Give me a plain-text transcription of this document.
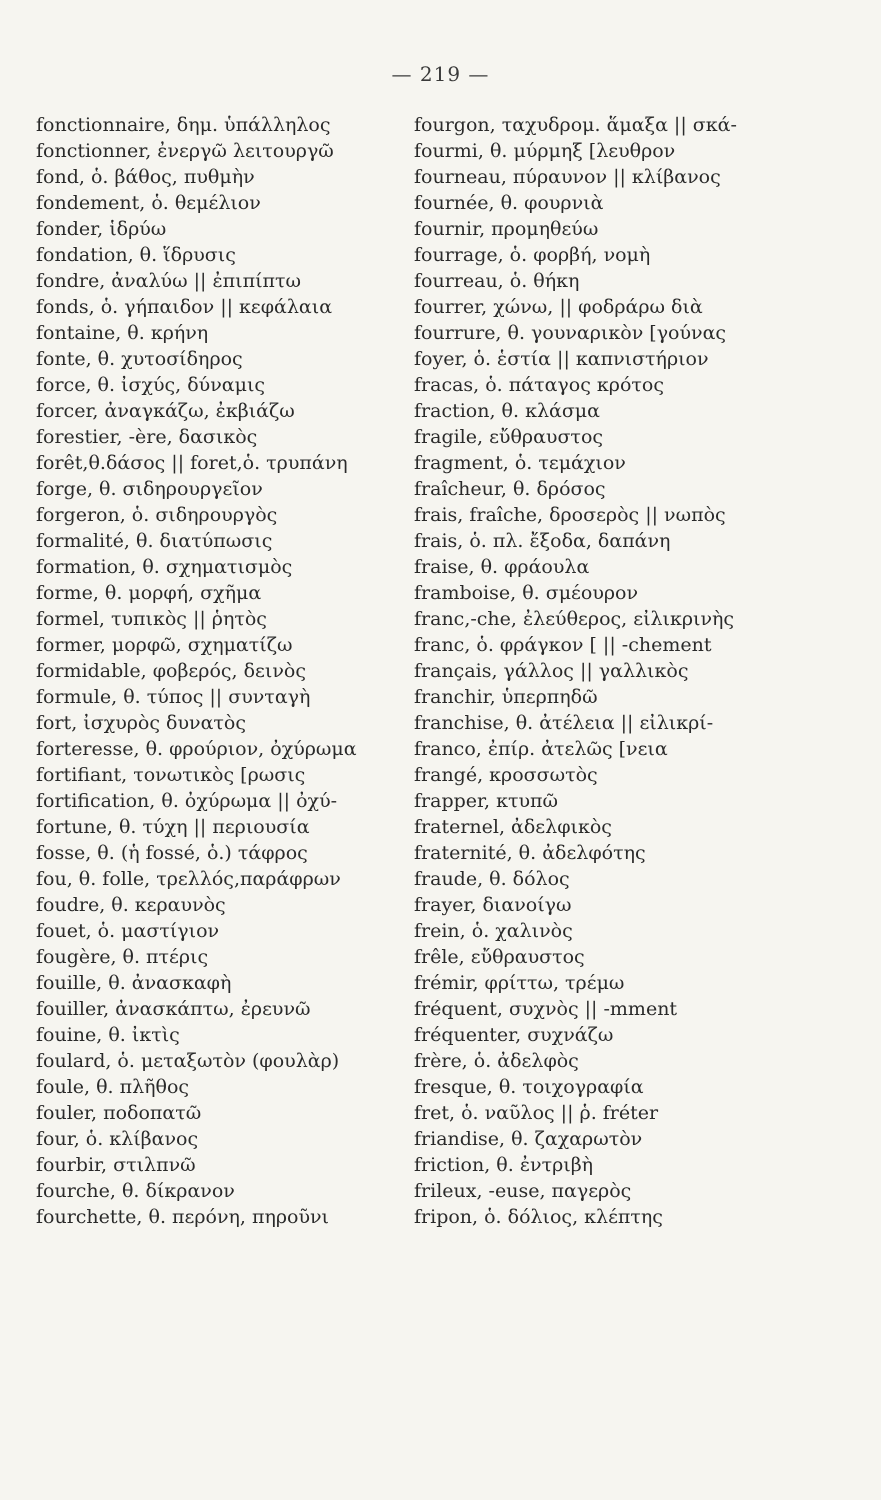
— 219 —
fonctionnaire, δημ. ὑπάλληλος
fonctionner, ἐνεργῶ λειτουργῶ
fond, ὁ. βάθος, πυθμὴν
fondement, ὁ. θεμέλιον
fonder, ἱδρύω
fondation, θ. ἵδρυσις
fondre, ἀναλύω || ἐπιπίπτω
fonds, ὁ. γήπαιδον || κεφάλαια
fontaine, θ. κρήνη
fonte, θ. χυτοσίδηρος
force, θ. ἰσχύς, δύναμις
forcer, ἀναγκάζω, ἐκβιάζω
forestier, -ère, δασικὸς
forêt,θ.δάσος || foret,ὁ. τρυπάνη
forge, θ. σιδηρουργεῖον
forgeron, ὁ. σιδηρουργὸς
formalité, θ. διατύπωσις
formation, θ. σχηματισμὸς
forme, θ. μορφή, σχῆμα
formel, τυπικὸς || ῥητὸς
former, μορφῶ, σχηματίζω
formidable, φοβερός, δεινὸς
formule, θ. τύπος || συνταγὴ
fort, ἰσχυρὸς δυνατὸς
forteresse, θ. φρούριον, ὀχύρωμα
fortifiant, τονωτικὸς [ρωσις
fortification, θ. ὀχύρωμα || ὀχύ-
fortune, θ. τύχη || περιουσία
fosse, θ. (ἡ fossé, ὁ.) τάφρος
fou, θ. folle, τρελλός,παράφρων
foudre, θ. κεραυνὸς
fouet, ὁ. μαστίγιον
fougère, θ. πτέρις
fouille, θ. ἀνασκαφὴ
fouiller, ἀνασκάπτω, ἐρευνῶ
fouine, θ. ἰκτὶς
foulard, ὁ. μεταξωτὸν (φουλὰρ)
foule, θ. πλῆθος
fouler, ποδοπατῶ
four, ὁ. κλίβανος
fourbir, στιλπνῶ
fourche, θ. δίκρανον
fourchette, θ. περόνη, πηροῦνι
fourgon, ταχυδρομ. ἅμαξα || σκά-
fourmi, θ. μύρμηξ [λευθρον
fourneau, πύραυνον || κλίβανος
fournée, θ. φουρνιὰ
fournir, προμηθεύω
fourrage, ὁ. φορβή, νομὴ
fourreau, ὁ. θήκη
fourrer, χώνω, || φοδράρω διὰ
fourrure, θ. γουναρικὸν [γούνας
foyer, ὁ. ἑστία || καπνιστήριον
fracas, ὁ. πάταγος κρότος
fraction, θ. κλάσμα
fragile, εὔθραυστος
fragment, ὁ. τεμάχιον
fraîcheur, θ. δρόσος
frais, fraîche, δροσερὸς || νωπὸς
frais, ὁ. πλ. ἔξοδα, δαπάνη
fraise, θ. φράουλα
framboise, θ. σμέουρον
franc,-che, ἐλεύθερος, εἰλικρινὴς
franc, ὁ. φράγκον [ || -chement
français, γάλλος || γαλλικὸς
franchir, ὑπερπηδῶ
franchise, θ. ἀτέλεια || εἰλικρί-
franco, ἐπίρ. ἀτελῶς [νεια
frangé, κροσσωτὸς
frapper, κτυπῶ
fraternel, ἀδελφικὸς
fraternité, θ. ἀδελφότης
fraude, θ. δόλος
frayer, διανοίγω
frein, ὁ. χαλινὸς
frêle, εὔθραυστος
frémir, φρίττω, τρέμω
fréquent, συχνὸς || -mment
fréquenter, συχνάζω
frère, ὁ. ἀδελφὸς
fresque, θ. τοιχογραφία
fret, ὁ. ναῦλος || ῥ. fréter
friandise, θ. ζαχαρωτὸν
friction, θ. ἐντριβὴ
frileux, -euse, παγερὸς
fripon, ὁ. δόλιος, κλέπτης
